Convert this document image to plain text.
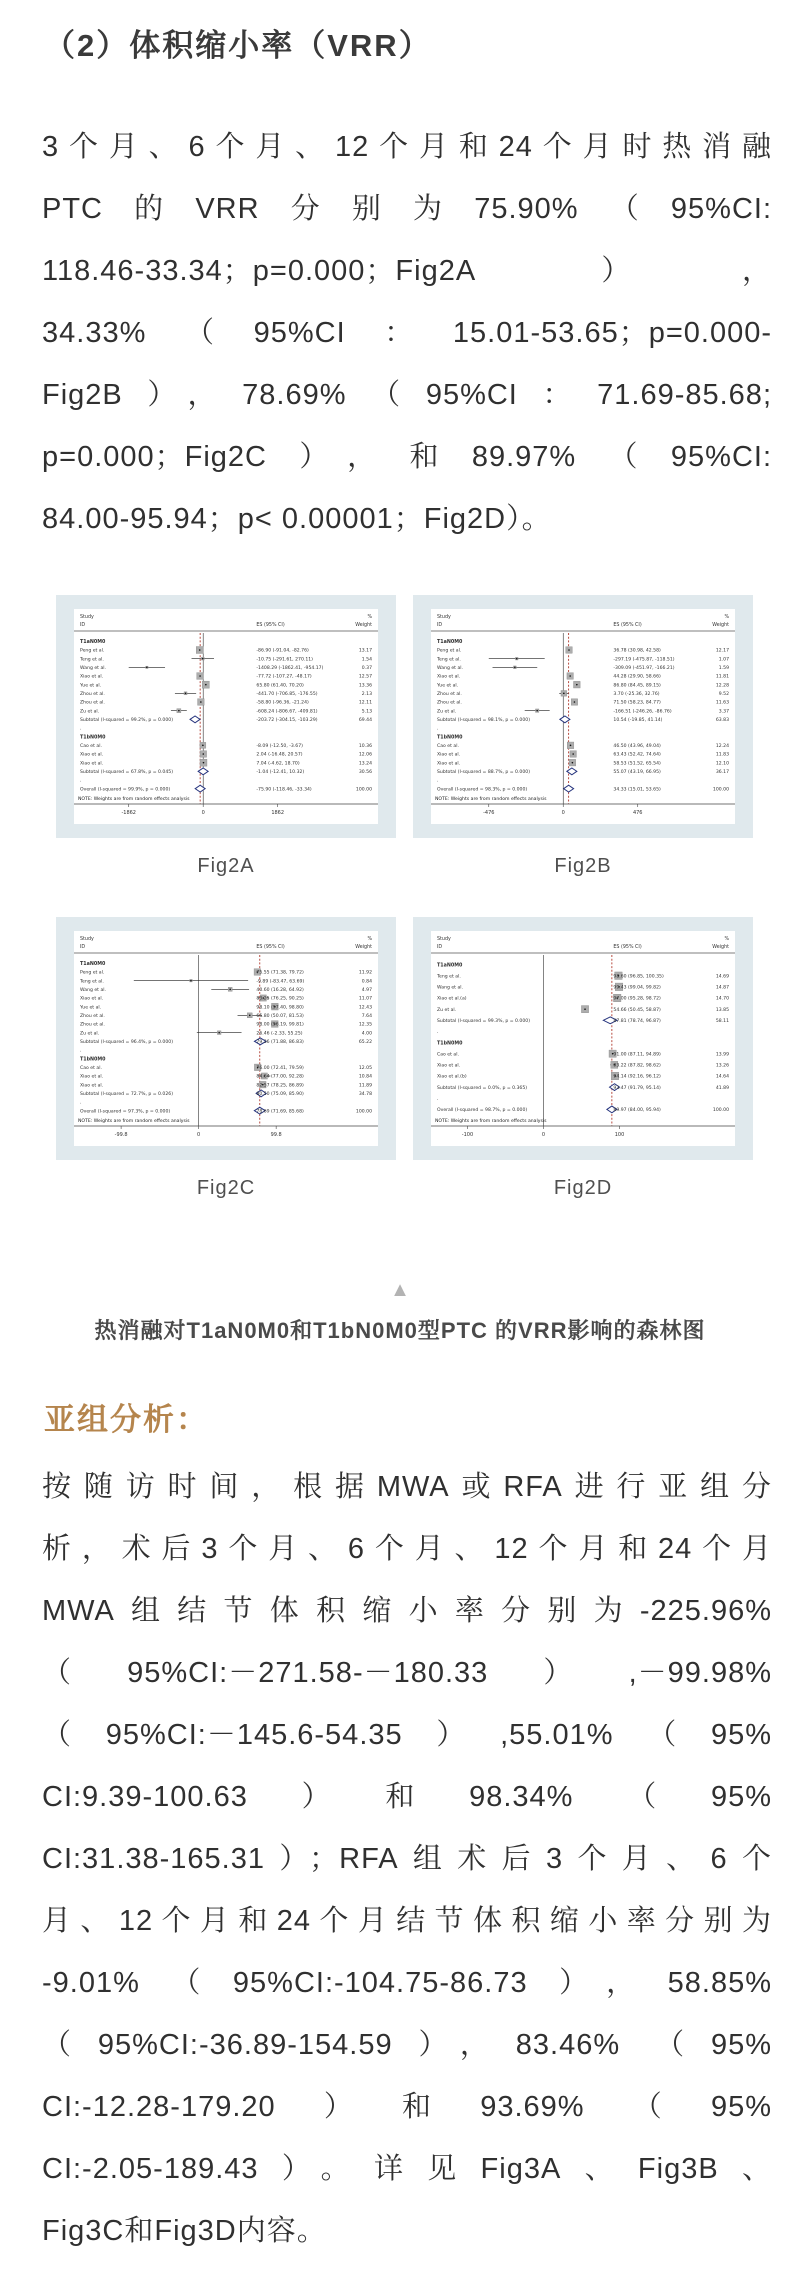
（2）体积缩小率（VRR）
3个月、6个月、12个月和24个月时热消融
PTC的VRR分别为75.90%（95%CI:
118.46-33.34；p=0.000；Fig2A），
34.33%（95%CI：15.01-53.65；p=0.000-
Fig2B），78.69%（95%CI：71.69-85.68;
p=0.000；Fig2C），和89.97%（95%CI:
84.00-95.94；p< 0.00001；Fig2D）。
Study
ID	ES (95% CI)
%
Weight
T1aN0M0
Peng et al.	-86.90 (-91.04, -82.76)	13.17
Teng et al.	-10.75 (-291.61, 270.11)	1.54
Wang et al.	-1408.29 (-1862.41, -954.17)	0.37
Xiao et al.	-77.72 (-107.27, -48.17)	12.57
Yue et al.	65.80 (61.40, 70.20)	13.36
Zhou et al.	-441.70 (-706.85, -176.55)	2.13
Zhou et al.	-58.80 (-96.36, -21.24)	12.11
Zu et al.	-608.24 (-806.67, -409.81)	5.13
Subtotal (I-squared = 99.2%, p = 0.000)	-203.72 (-304.15, -103.29)	69.44
.
T1bN0M0
Cao et al.	-8.09 (-12.50, -3.67)	10.36
Xiao et al.	2.04 (-16.48, 20.57)	12.06
Xiao et al.	7.04 (-4.62, 18.70)	13.24
Subtotal (I-squared = 67.8%, p = 0.045)	-1.04 (-12.41, 10.32)	30.56
.
Overall (I-squared = 99.9%, p = 0.000)	-75.90 (-118.46, -33.34)	100.00
NOTE: Weights are from random effects analysis
-1862	0	1862
Fig2A
Study
ID	ES (95% CI)
%
Weight
T1aN0M0
Peng et al.	36.78 (30.98, 42.58)	12.17
Teng et al.	-297.19 (-475.87, -118.51)	1.07
Wang et al.	-309.09 (-451.97, -166.21)	1.59
Xiao et al.	44.28 (29.90, 58.66)	11.81
Yue et al.	86.80 (84.45, 89.15)	12.28
Zhou et al.	3.70 (-25.36, 32.76)	9.52
Zhou et al.	71.50 (58.23, 84.77)	11.63
Zu et al.	-166.51 (-246.26, -86.76)	3.37
Subtotal (I-squared = 98.1%, p = 0.000)	10.54 (-19.85, 41.14)	63.83
.
T1bN0M0
Cao et al.	46.50 (43.96, 49.04)	12.24
Xiao et al.	63.43 (52.42, 74.64)	11.83
Xiao et al.	58.53 (51.52, 65.54)	12.10
Subtotal (I-squared = 88.7%, p = 0.000)	55.07 (43.19, 66.95)	36.17
.
Overall (I-squared = 98.3%, p = 0.000)	34.33 (15.01, 53.65)	100.00
NOTE: Weights are from random effects analysis
-476	0	476
Fig2B
Study
ID	ES (95% CI)
%
Weight
T1aN0M0
Peng et al.	75.55 (71.38, 79.72)	11.92
Teng et al.	-9.89 (-83.47, 63.69)	0.84
Wang et al.	40.60 (16.28, 64.92)	4.97
Xiao et al.	83.25 (76.25, 90.25)	11.07
Yue et al.	98.10 (97.40, 98.80)	12.43
Zhou et al.	65.80 (50.07, 81.53)	7.64
Zhou et al.	98.00 (96.19, 99.81)	12.35
Zu et al.	26.46 (-2.33, 55.25)	4.00
Subtotal (I-squared = 96.4%, p = 0.000)	79.36 (71.88, 86.83)	65.22
.
T1bN0M0
Cao et al.	76.00 (72.41, 79.59)	12.05
Xiao et al.	84.64 (77.00, 92.28)	10.84
Xiao et al.	82.57 (78.25, 86.89)	11.89
Subtotal (I-squared = 72.7%, p = 0.026)	80.50 (75.09, 85.90)	34.78
.
Overall (I-squared = 97.3%, p = 0.000)	78.69 (71.69, 85.68)	100.00
NOTE: Weights are from random effects analysis
-99.8	0	99.8
Fig2C
Study
ID	ES (95% CI)
%
Weight
T1aN0M0
Teng et al.	98.60 (96.85, 100.35)	14.69
Wang et al.	99.43 (99.04, 99.82)	14.87
Xiao et al.(a)	97.00 (95.28, 98.72)	14.70
Zu et al.	54.66 (50.45, 58.87)	13.85
Subtotal (I-squared = 99.3%, p = 0.000)	87.81 (78.74, 96.87)	58.11
.
T1bN0M0
Cao et al.	91.00 (87.11, 94.89)	13.99
Xiao et al.	93.22 (87.82, 98.62)	13.26
Xiao et al.(b)	94.14 (92.16, 96.12)	14.64
Subtotal (I-squared = 0.0%, p = 0.365)	93.47 (91.79, 95.14)	41.89
.
Overall (I-squared = 98.7%, p = 0.000)	89.97 (84.00, 95.94)	100.00
NOTE: Weights are from random effects analysis
-100	0	100
Fig2D
▲
热消融对T1aN0M0和T1bN0M0型PTC 的VRR影响的森林图
亚组分析：
按随访时间，根据MWA或RFA进行亚组分
析，术后3个月、6个月、12个月和24个月
MWA组结节体积缩小率分别为-225.96%
（95%CI:－271.58-－180.33）,－99.98%
（95%CI:－145.6-54.35）,55.01%（95%
CI:9.39-100.63）和98.34%（95%
CI:31.38-165.31）；RFA组术后3个月、6个
月、12个月和24个月结节体积缩小率分别为
-9.01%（95%CI:-104.75-86.73），58.85%
（95%CI:-36.89-154.59），83.46% （95%
CI:-12.28-179.20）和93.69%（95%
CI:-2.05-189.43）。详见Fig3A、Fig3B、
Fig3C和Fig3D内容。
